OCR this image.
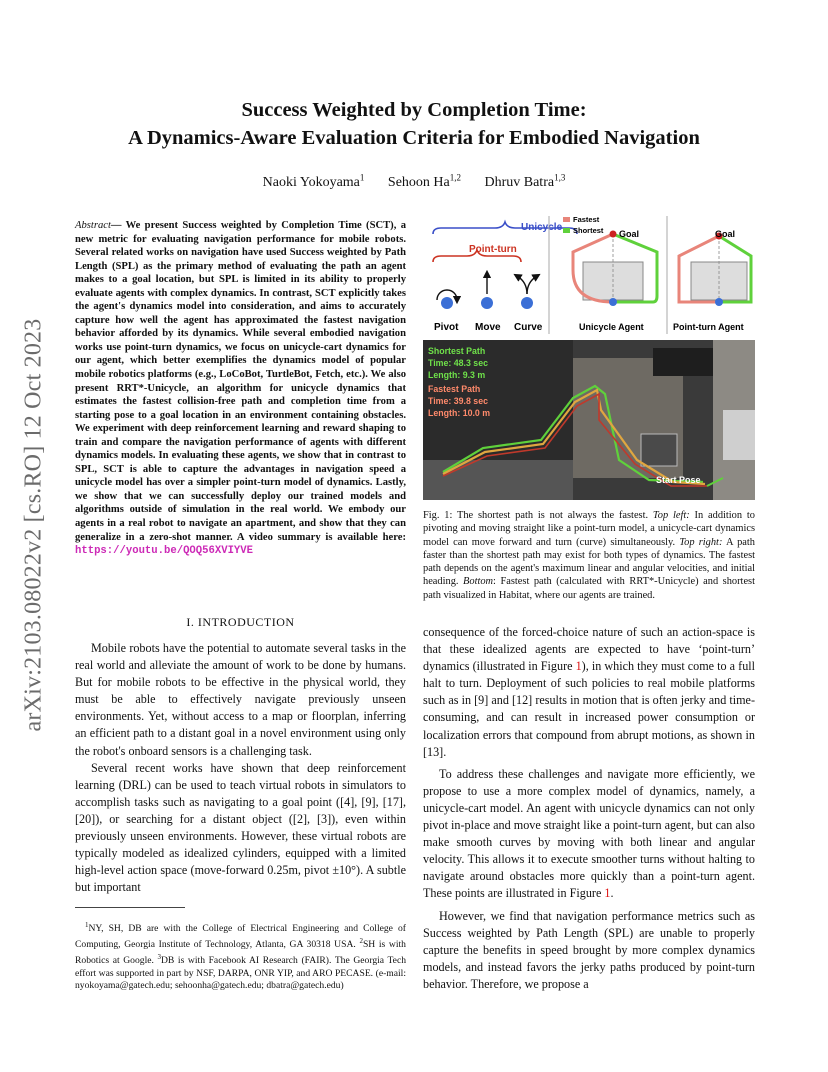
Success Weighted by Completion Time:
A Dynamics-Aware Evaluation Criteria for Embodied Navigation
Naoki Yokoyama$^1$ Sehoon Ha$^{1,2}$ Dhruv Batra$^{1,3}$
arXiv:2103.08022v2 [cs.RO] 12 Oct 2023
Abstract— We present Success weighted by Completion Time (SCT), a new metric for evaluating navigation performance for mobile robots. Several related works on navigation have used Success weighted by Path Length (SPL) as the primary method of evaluating the path an agent makes to a goal location, but SPL is limited in its ability to properly evaluate agents with complex dynamics. In contrast, SCT explicitly takes the agent's dynamics model into consideration, and aims to accurately capture how well the agent has approximated the fastest navigation behavior afforded by its dynamics. While several embodied navigation works use point-turn dynamics, we focus on unicycle-cart dynamics for our agent, which better exemplifies the dynamics model of popular mobile robotics platforms (e.g., LoCoBot, TurtleBot, Fetch, etc.). We also present RRT*-Unicycle, an algorithm for unicycle dynamics that estimates the fastest collision-free path and completion time from a starting pose to a goal location in an environment containing obstacles. We experiment with deep reinforcement learning and reward shaping to train and compare the navigation performance of agents with different dynamics models. In evaluating these agents, we show that in contrast to SPL, SCT is able to capture the advantages in navigation speed a unicycle model has over a simpler point-turn model of dynamics. Lastly, we show that we can successfully deploy our trained models and algorithms outside of simulation in the real world. We embody our agents in a real robot to navigate an apartment, and show that they can generalize in a zero-shot manner. A video summary is available here: https://youtu.be/QOQ56XVIYVE
I. INTRODUCTION

Mobile robots have the potential to automate several tasks in the real world and alleviate the amount of work to be done by humans. But for mobile robots to be effective in the physical world, they must be able to effectively navigate previously unseen environments. Yet, without access to a map or floorplan, inferring an efficient path to a distant goal in a novel environment using only the robot's onboard sensors is a challenging task.

Several recent works have shown that deep reinforcement learning (DRL) can be used to teach virtual robots in simulators to accomplish tasks such as navigating to a goal point ([4], [9], [17], [20]), or searching for a distant object ([2], [3]), even within previously unseen environments. However, these virtual robots are typically modeled as idealized cylinders, equipped with a limited high-level action space (move-forward 0.25m, pivot ±10°). A subtle but important

$^1$NY, SH, DB are with the College of Electrical Engineering and College of Computing, Georgia Institute of Technology, Atlanta, GA 30318 USA. $^2$SH is with Robotics at Google. $^3$DB is with Facebook AI Research (FAIR). The Georgia Tech effort was supported in part by NSF, DARPA, ONR YIP, and ARO PECASE. (e-mail: nyokoyama@gatech.edu; sehoonha@gatech.edu; dbatra@gatech.edu)
Unicycle
Point-turn
Pivot Move Curve
Fastest
Shortest Goal
Unicycle Agent
Goal
Point-turn Agent
Shortest Path
Time: 48.3 sec
Length: 9.3 m
Fastest Path
Time: 39.8 sec
Length: 10.0 m
Start Pose
Fig. 1: The shortest path is not always the fastest. Top left: In addition to pivoting and moving straight like a point-turn model, a unicycle-cart dynamics model can move forward and turn (curve) simultaneously. Top right: A path faster than the shortest path may exist for both types of dynamics. The fastest path depends on the agent's maximum linear and angular velocities, and initial heading. Bottom: Fastest path (calculated with RRT*-Unicycle) and shortest path visualized in Habitat, where our agents are trained.

consequence of the forced-choice nature of such an action-space is that these idealized agents are expected to have ‘point-turn’ dynamics (illustrated in Figure 1), in which they must come to a full halt to turn. Deployment of such policies to real mobile platforms such as in [9] and [12] results in motion that is often jerky and time-consuming, and can result in increased power consumption or localization errors that compound from abrupt motions, as shown in [13].

To address these challenges and navigate more efficiently, we propose to use a more complex model of dynamics, namely, a unicycle-cart model. An agent with unicycle dynamics can not only pivot in-place and move straight like a point-turn agent, but can also make smooth curves by moving with both linear and angular velocity. This allows it to execute smoother turns without halting to navigate around obstacles more quickly than a point-turn agent. These points are illustrated in Figure 1.

However, we find that navigation performance metrics such as Success weighted by Path Length (SPL) are unable to properly capture the benefits in speed brought by more complex dynamics models, and instead favors the jerky paths produced by point-turn behavior. Therefore, we propose a
